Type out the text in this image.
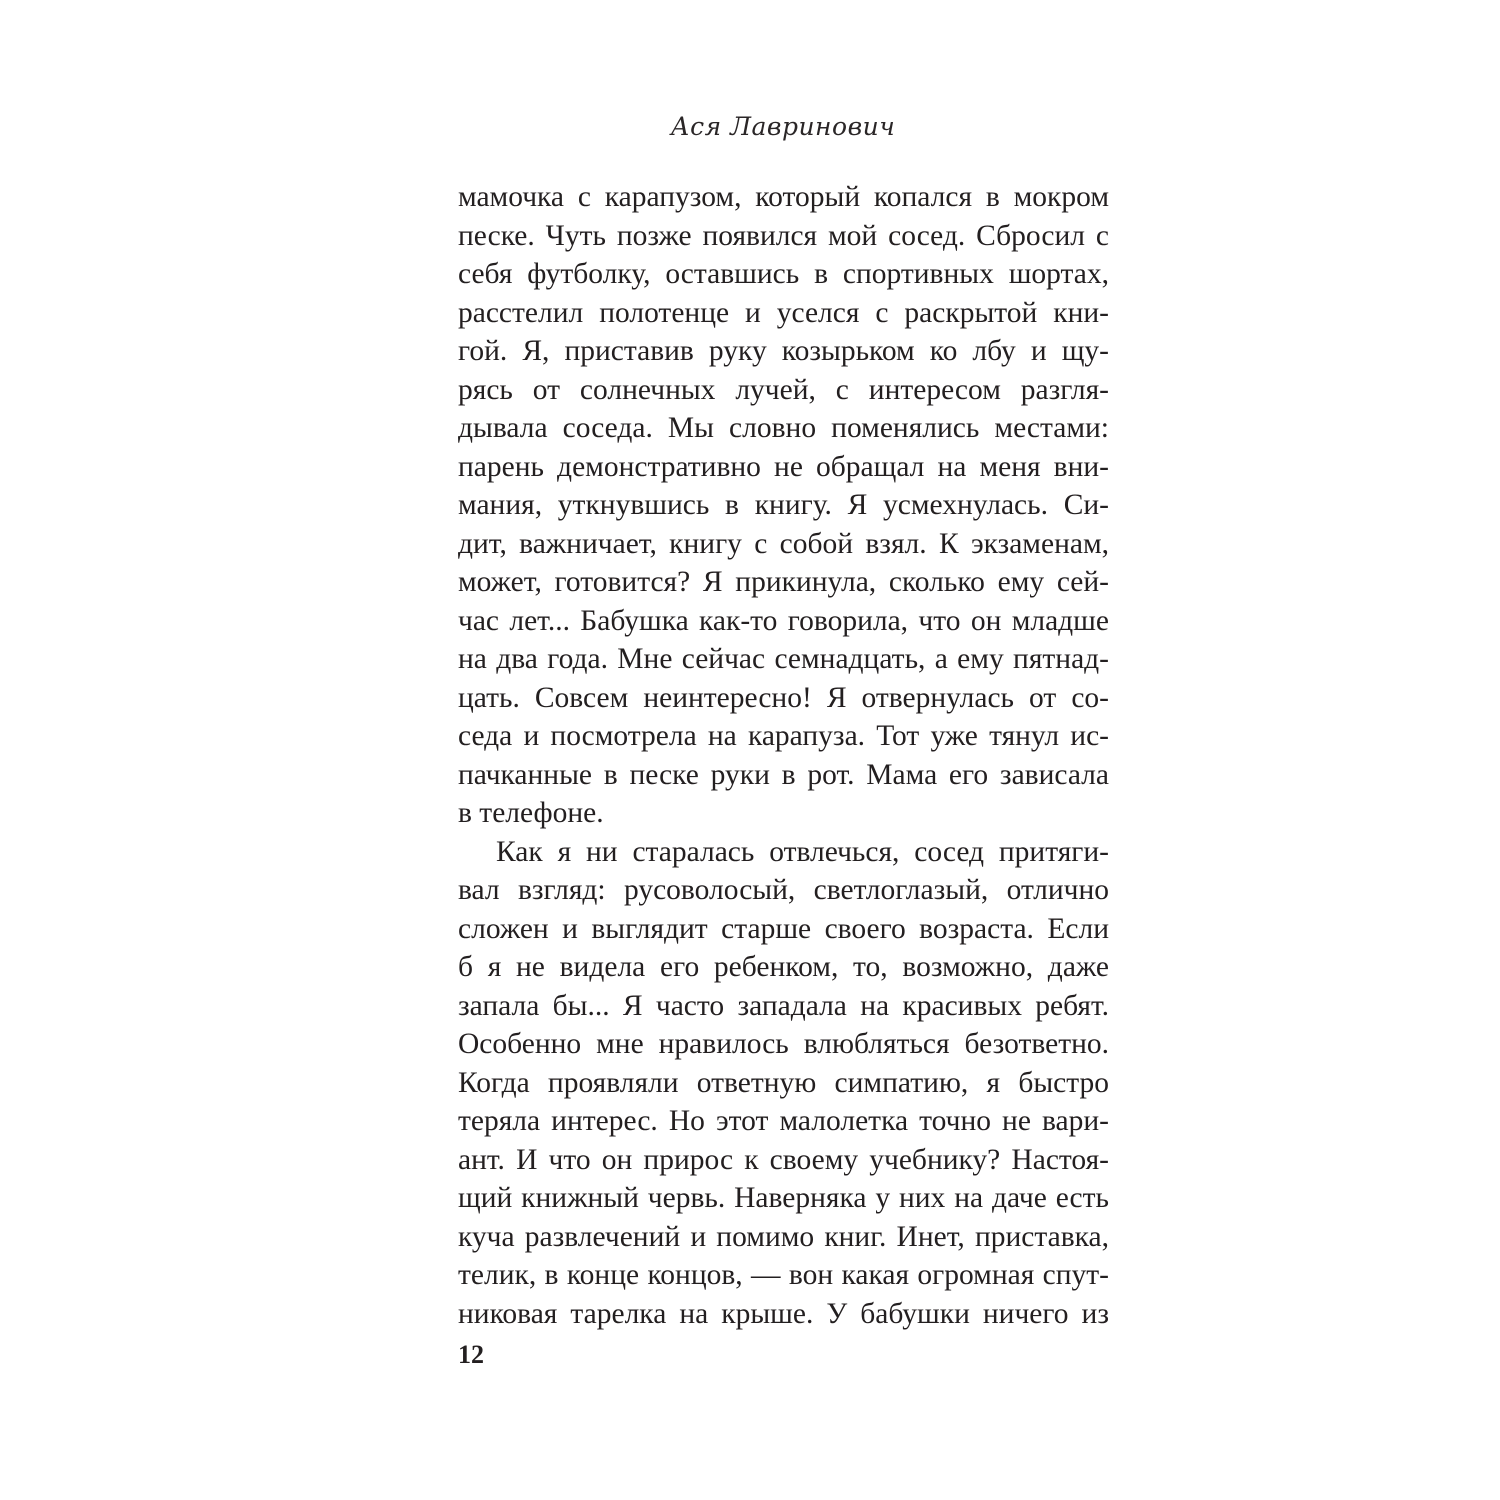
Ася Лавринович
мамочка с карапузом, который копался в мокром
песке. Чуть позже появился мой сосед. Сбросил с
себя футболку, оставшись в спортивных шортах,
расстелил полотенце и уселся с раскрытой кни-
гой. Я, приставив руку козырьком ко лбу и щу-
рясь от солнечных лучей, с интересом разгля-
дывала соседа. Мы словно поменялись местами:
парень демонстративно не обращал на меня вни-
мания, уткнувшись в книгу. Я усмехнулась. Си-
дит, важничает, книгу с собой взял. К экзаменам,
может, готовится? Я прикинула, сколько ему сей-
час лет... Бабушка как-то говорила, что он младше
на два года. Мне сейчас семнадцать, а ему пятнад-
цать. Совсем неинтересно! Я отвернулась от со-
седа и посмотрела на карапуза. Тот уже тянул ис-
пачканные в песке руки в рот. Мама его зависала
в телефоне.
Как я ни старалась отвлечься, сосед притяги-
вал взгляд: русоволосый, светлоглазый, отлично
сложен и выглядит старше своего возраста. Если
б я не видела его ребенком, то, возможно, даже
запала бы... Я часто западала на красивых ребят.
Особенно мне нравилось влюбляться безответно.
Когда проявляли ответную симпатию, я быстро
теряла интерес. Но этот малолетка точно не вари-
ант. И что он прирос к своему учебнику? Настоя-
щий книжный червь. Наверняка у них на даче есть
куча развлечений и помимо книг. Инет, приставка,
телик, в конце концов, — вон какая огромная спут-
никовая тарелка на крыше. У бабушки ничего из
12
